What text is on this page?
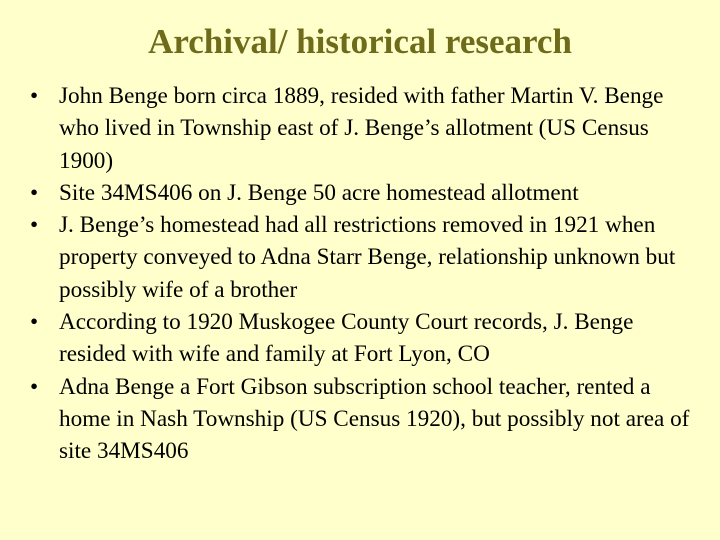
Archival/ historical research
• John Benge born circa 1889, resided with father Martin V. Benge who lived in Township east of J. Benge’s allotment (US Census 1900)
• Site 34MS406 on J. Benge 50 acre homestead allotment
• J. Benge’s homestead had all restrictions removed in 1921 when property conveyed to Adna Starr Benge, relationship unknown but possibly wife of a brother
• According to 1920 Muskogee County Court records, J. Benge resided with wife and family at Fort Lyon, CO
• Adna Benge a Fort Gibson subscription school teacher, rented a home in Nash Township (US Census 1920), but possibly not area of site 34MS406
